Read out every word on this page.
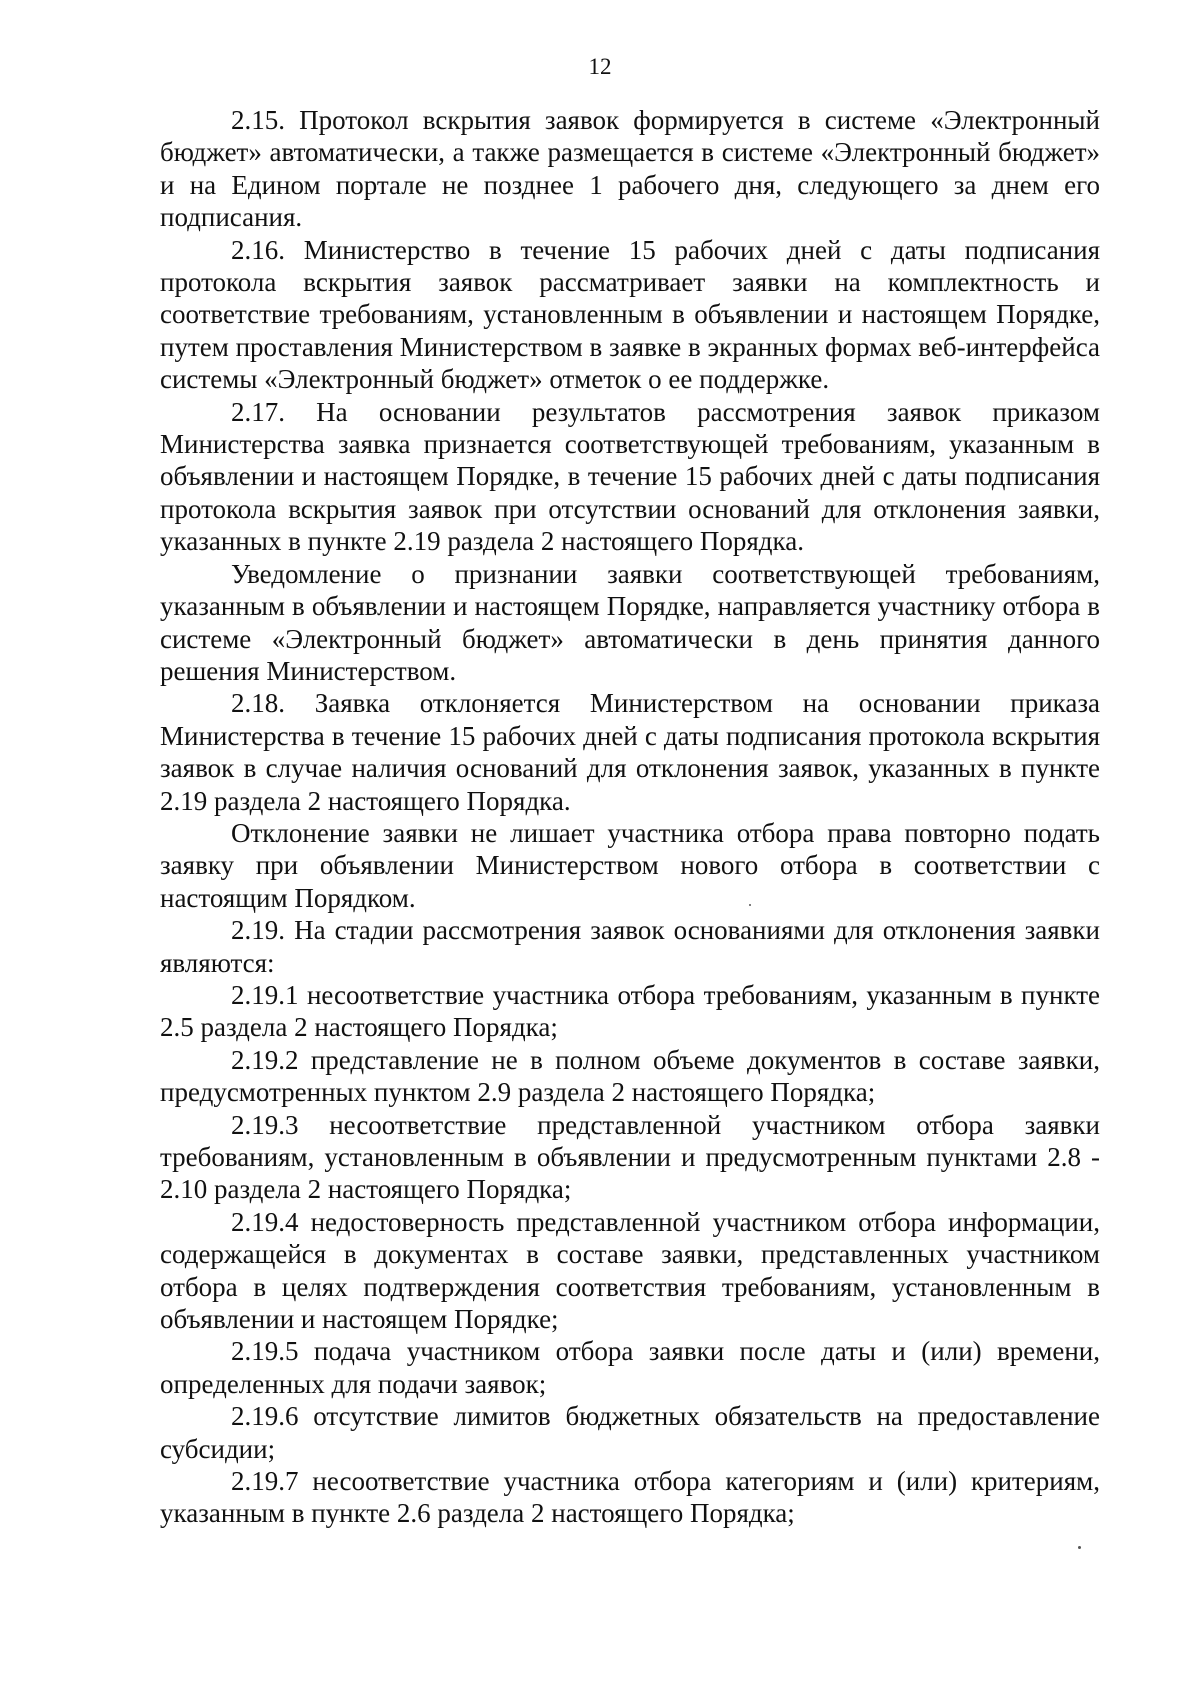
12

2.15. Протокол вскрытия заявок формируется в системе «Электронный бюджет» автоматически, а также размещается в системе «Электронный бюджет» и на Едином портале не позднее 1 рабочего дня, следующего за днем его подписания.

2.16. Министерство в течение 15 рабочих дней с даты подписания протокола вскрытия заявок рассматривает заявки на комплектность и соответствие требованиям, установленным в объявлении и настоящем Порядке, путем проставления Министерством в заявке в экранных формах веб-интерфейса системы «Электронный бюджет» отметок о ее поддержке.

2.17. На основании результатов рассмотрения заявок приказом Министерства заявка признается соответствующей требованиям, указанным в объявлении и настоящем Порядке, в течение 15 рабочих дней с даты подписания протокола вскрытия заявок при отсутствии оснований для отклонения заявки, указанных в пункте 2.19 раздела 2 настоящего Порядка.

Уведомление о признании заявки соответствующей требованиям, указанным в объявлении и настоящем Порядке, направляется участнику отбора в системе «Электронный бюджет» автоматически в день принятия данного решения Министерством.

2.18. Заявка отклоняется Министерством на основании приказа Министерства в течение 15 рабочих дней с даты подписания протокола вскрытия заявок в случае наличия оснований для отклонения заявок, указанных в пункте 2.19 раздела 2 настоящего Порядка.

Отклонение заявки не лишает участника отбора права повторно подать заявку при объявлении Министерством нового отбора в соответствии с настоящим Порядком.

2.19. На стадии рассмотрения заявок основаниями для отклонения заявки являются:

2.19.1 несоответствие участника отбора требованиям, указанным в пункте 2.5 раздела 2 настоящего Порядка;

2.19.2 представление не в полном объеме документов в составе заявки, предусмотренных пунктом 2.9 раздела 2 настоящего Порядка;

2.19.3 несоответствие представленной участником отбора заявки требованиям, установленным в объявлении и предусмотренным пунктами 2.8 - 2.10 раздела 2 настоящего Порядка;

2.19.4 недостоверность представленной участником отбора информации, содержащейся в документах в составе заявки, представленных участником отбора в целях подтверждения соответствия требованиям, установленным в объявлении и настоящем Порядке;

2.19.5 подача участником отбора заявки после даты и (или) времени, определенных для подачи заявок;

2.19.6 отсутствие лимитов бюджетных обязательств на предоставление субсидии;

2.19.7 несоответствие участника отбора категориям и (или) критериям, указанным в пункте 2.6 раздела 2 настоящего Порядка;
